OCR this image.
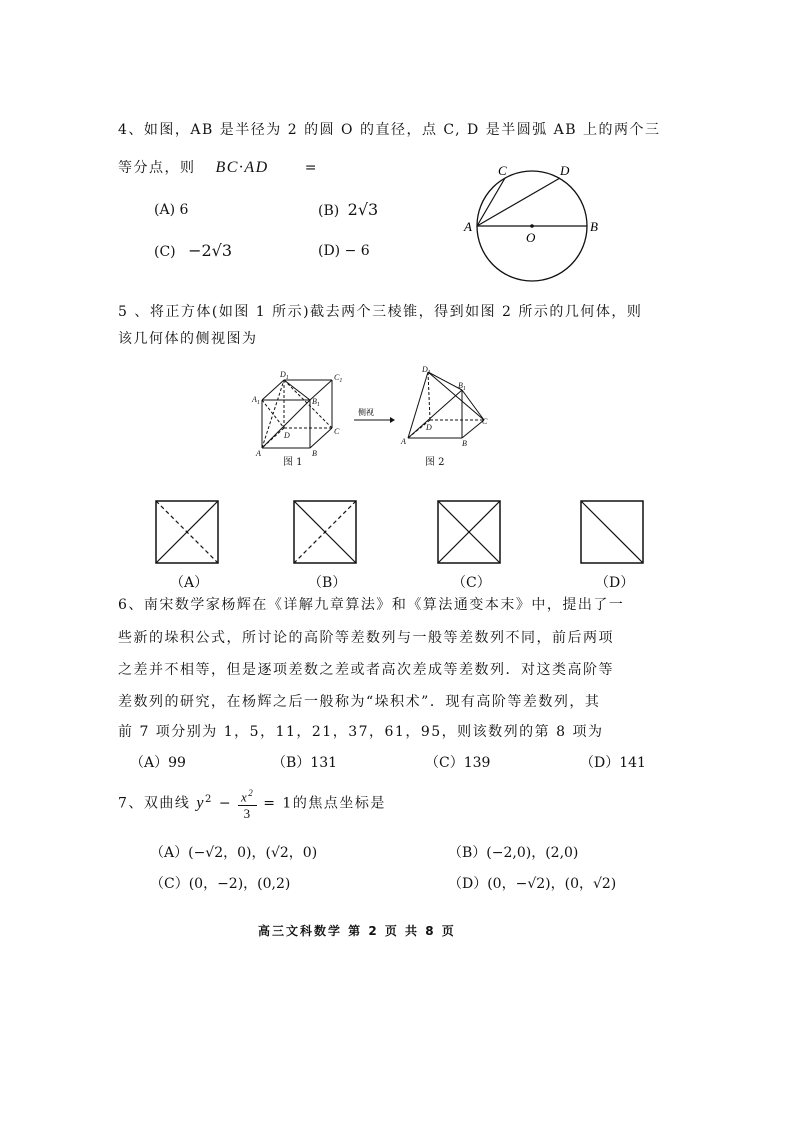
4、如图，AB 是半径为 2 的圆 O 的直径，点 C, D 是半圆弧 AB 上的两个三
等分点，则 BC·AD	=
(A) 6	(B) 2√3
(C) −2√3	(D) − 6
C	D
A	B
O
5 、将正方体(如图 1 所示)截去两个三棱锥，得到如图 2 所示的几何体，则
该几何体的侧视图为
$D_1$
$A_1$
$C_1$
$B_1$
D	C
A	B
图 1
侧视
$D_1$
$B_1$
D
C
A	B
图 2
（A）	（B）	（C）	（D）
6、南宋数学家杨辉在《详解九章算法》和《算法通变本末》中，提出了一
些新的垛积公式，所讨论的高阶等差数列与一般等差数列不同，前后两项
之差并不相等，但是逐项差数之差或者高次差成等差数列．对这类高阶等
差数列的研究，在杨辉之后一般称为“垛积术”．现有高阶等差数列，其
前 7 项分别为 1，5，11，21，37，61，95，则该数列的第 8 项为
（A）99	（B）131	（C）139	（D）141
7、双曲线 $y^2 - \frac{x^2}{3} = 1$的焦点坐标是
（A）(−√2，0)，(√2，0)	（B）(−2,0)，(2,0)
（C）(0，−2)，(0,2)	（D）(0，−√2)，(0，√2)
高三文科数学 第 2 页 共 8 页
